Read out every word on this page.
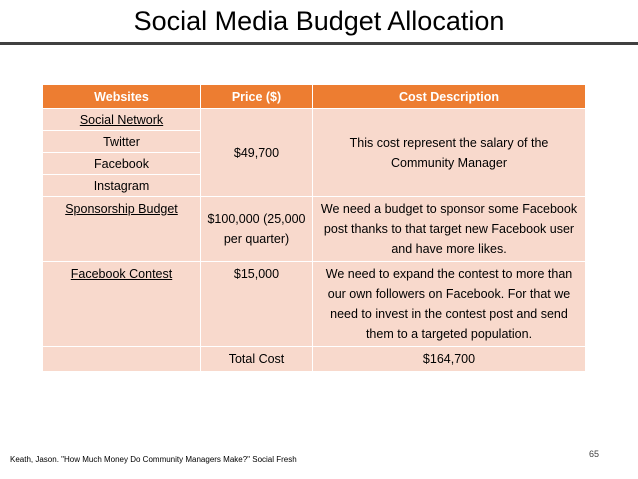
Social Media Budget Allocation
Websites	Price ($)	Cost Description
Social Network	$49,700	This cost represent the salary of the Community Manager
Twitter		
Facebook		
Instagram		
Sponsorship Budget	$100,000 (25,000 per quarter)	We need a budget to sponsor some Facebook post thanks to that target new Facebook user and have more likes.
Facebook Contest	$15,000	We need to expand the contest to more than our own followers on Facebook. For that we need to invest in the contest post and send them to a targeted population.
	Total Cost	$164,700
65
Keath, Jason. "How Much Money Do Community Managers Make?" Social Fresh
